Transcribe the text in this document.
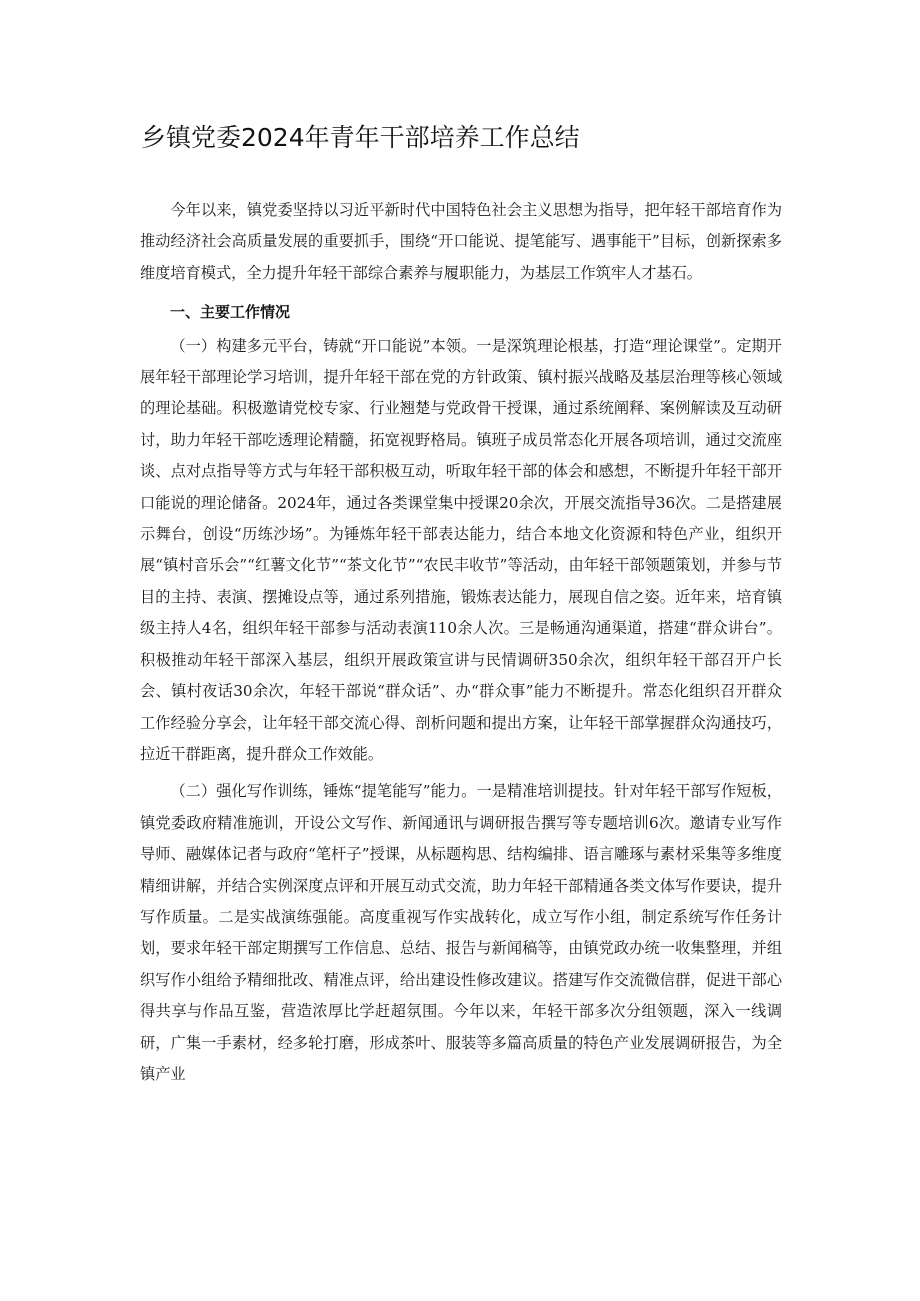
乡镇党委2024年青年干部培养工作总结

今年以来，镇党委坚持以习近平新时代中国特色社会主义思想为指导，把年轻干部培育作为推动经济社会高质量发展的重要抓手，围绕“开口能说、提笔能写、遇事能干”目标，创新探索多维度培育模式，全力提升年轻干部综合素养与履职能力，为基层工作筑牢人才基石。

一、主要工作情况

（一）构建多元平台，铸就“开口能说”本领。一是深筑理论根基，打造“理论课堂”。定期开展年轻干部理论学习培训，提升年轻干部在党的方针政策、镇村振兴战略及基层治理等核心领域的理论基础。积极邀请党校专家、行业翘楚与党政骨干授课，通过系统阐释、案例解读及互动研讨，助力年轻干部吃透理论精髓，拓宽视野格局。镇班子成员常态化开展各项培训，通过交流座谈、点对点指导等方式与年轻干部积极互动，听取年轻干部的体会和感想，不断提升年轻干部开口能说的理论储备。2024年，通过各类课堂集中授课20余次，开展交流指导36次。二是搭建展示舞台，创设“历练沙场”。为锤炼年轻干部表达能力，结合本地文化资源和特色产业，组织开展“镇村音乐会”“红薯文化节”“茶文化节”“农民丰收节”等活动，由年轻干部领题策划，并参与节目的主持、表演、摆摊设点等，通过系列措施，锻炼表达能力，展现自信之姿。近年来，培育镇级主持人4名，组织年轻干部参与活动表演110余人次。三是畅通沟通渠道，搭建“群众讲台”。积极推动年轻干部深入基层，组织开展政策宣讲与民情调研350余次，组织年轻干部召开户长会、镇村夜话30余次，年轻干部说“群众话”、办“群众事”能力不断提升。常态化组织召开群众工作经验分享会，让年轻干部交流心得、剖析问题和提出方案，让年轻干部掌握群众沟通技巧，拉近干群距离，提升群众工作效能。

（二）强化写作训练，锤炼“提笔能写”能力。一是精准培训提技。针对年轻干部写作短板，镇党委政府精准施训，开设公文写作、新闻通讯与调研报告撰写等专题培训6次。邀请专业写作导师、融媒体记者与政府“笔杆子”授课，从标题构思、结构编排、语言雕琢与素材采集等多维度精细讲解，并结合实例深度点评和开展互动式交流，助力年轻干部精通各类文体写作要诀，提升写作质量。二是实战演练强能。高度重视写作实战转化，成立写作小组，制定系统写作任务计划，要求年轻干部定期撰写工作信息、总结、报告与新闻稿等，由镇党政办统一收集整理，并组织写作小组给予精细批改、精准点评，给出建设性修改建议。搭建写作交流微信群，促进干部心得共享与作品互鉴，营造浓厚比学赶超氛围。今年以来，年轻干部多次分组领题，深入一线调研，广集一手素材，经多轮打磨，形成茶叶、服装等多篇高质量的特色产业发展调研报告，为全镇产业
